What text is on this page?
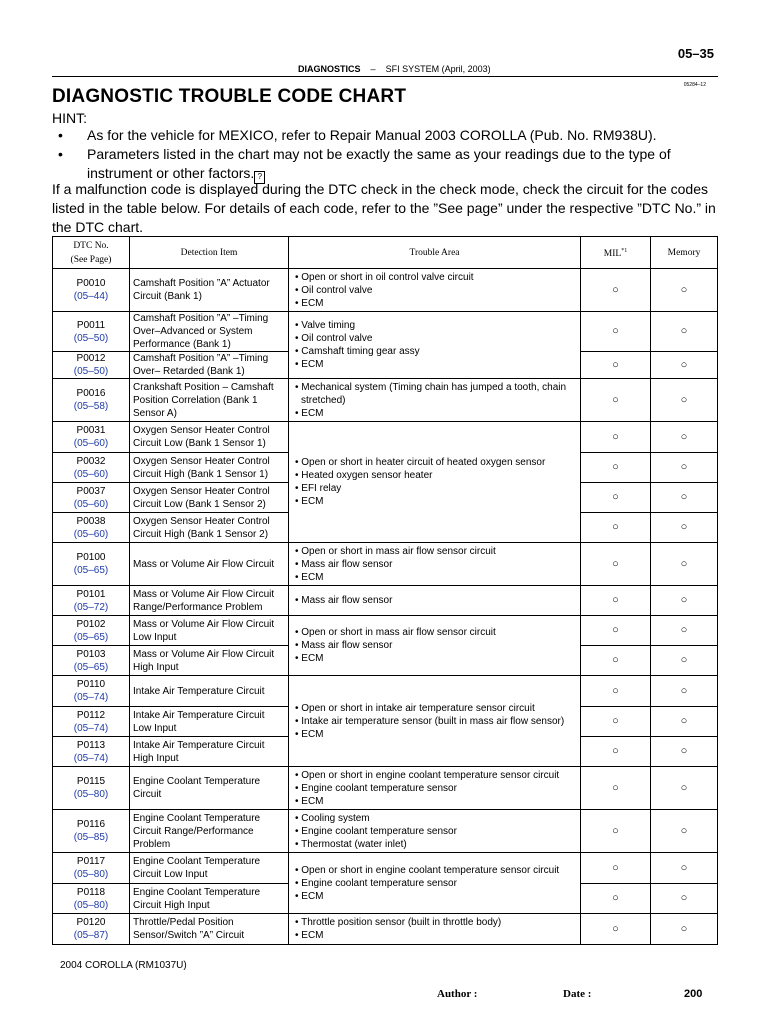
05–35
DIAGNOSTICS – SFI SYSTEM (April, 2003)
05284–12
DIAGNOSTIC TROUBLE CODE CHART
HINT:
• As for the vehicle for MEXICO, refer to Repair Manual 2003 COROLLA (Pub. No. RM938U).
• Parameters listed in the chart may not be exactly the same as your readings due to the type of instrument or other factors. ?

If a malfunction code is displayed during the DTC check in the check mode, check the circuit for the codes listed in the table below. For details of each code, refer to the ”See page” under the respective ”DTC No.” in the DTC chart.

DTC No.
(See Page)	Detection Item	Trouble Area	MIL$^{*1}$	Memory
P0010
(05–44)	Camshaft Position ”A” Actuator Circuit (Bank 1)	• Open or short in oil control valve circuit
• Oil control valve
• ECM	○	○
P0011
(05–50)	Camshaft Position ”A” –Timing Over–Advanced or System Performance (Bank 1)	• Valve timing
• Oil control valve
• Camshaft timing gear assy
• ECM	○	○
P0012
(05–50)	Camshaft Position ”A” –Timing Over– Retarded (Bank 1)		○	○
P0016
(05–58)	Crankshaft Position – Camshaft Position Correlation (Bank 1 Sensor A)	• Mechanical system (Timing chain has jumped a tooth, chain stretched)
• ECM	○	○
P0031
(05–60)	Oxygen Sensor Heater Control Circuit Low (Bank 1 Sensor 1)	• Open or short in heater circuit of heated oxygen sensor
• Heated oxygen sensor heater
• EFI relay
• ECM	○	○
P0032
(05–60)	Oxygen Sensor Heater Control Circuit High (Bank 1 Sensor 1)		○	○
P0037
(05–60)	Oxygen Sensor Heater Control Circuit Low (Bank 1 Sensor 2)		○	○
P0038
(05–60)	Oxygen Sensor Heater Control Circuit High (Bank 1 Sensor 2)		○	○
P0100
(05–65)	Mass or Volume Air Flow Circuit	• Open or short in mass air flow sensor circuit
• Mass air flow sensor
• ECM	○	○
P0101
(05–72)	Mass or Volume Air Flow Circuit Range/Performance Problem	• Mass air flow sensor	○	○
P0102
(05–65)	Mass or Volume Air Flow Circuit Low Input	• Open or short in mass air flow sensor circuit
• Mass air flow sensor
• ECM	○	○
P0103
(05–65)	Mass or Volume Air Flow Circuit High Input		○	○
P0110
(05–74)	Intake Air Temperature Circuit	• Open or short in intake air temperature sensor circuit
• Intake air temperature sensor (built in mass air flow sensor)
• ECM	○	○
P0112
(05–74)	Intake Air Temperature Circuit Low Input		○	○
P0113
(05–74)	Intake Air Temperature Circuit High Input		○	○
P0115
(05–80)	Engine Coolant Temperature Circuit	• Open or short in engine coolant temperature sensor circuit
• Engine coolant temperature sensor
• ECM	○	○
P0116
(05–85)	Engine Coolant Temperature Circuit Range/Performance Problem	• Cooling system
• Engine coolant temperature sensor
• Thermostat (water inlet)	○	○
P0117
(05–80)	Engine Coolant Temperature Circuit Low Input	• Open or short in engine coolant temperature sensor circuit
• Engine coolant temperature sensor
• ECM	○	○
P0118
(05–80)	Engine Coolant Temperature Circuit High Input		○	○
P0120
(05–87)	Throttle/Pedal Position Sensor/Switch ”A” Circuit	• Throttle position sensor (built in throttle body)
• ECM	○	○
2004 COROLLA (RM1037U)
Author :	Date :	200
